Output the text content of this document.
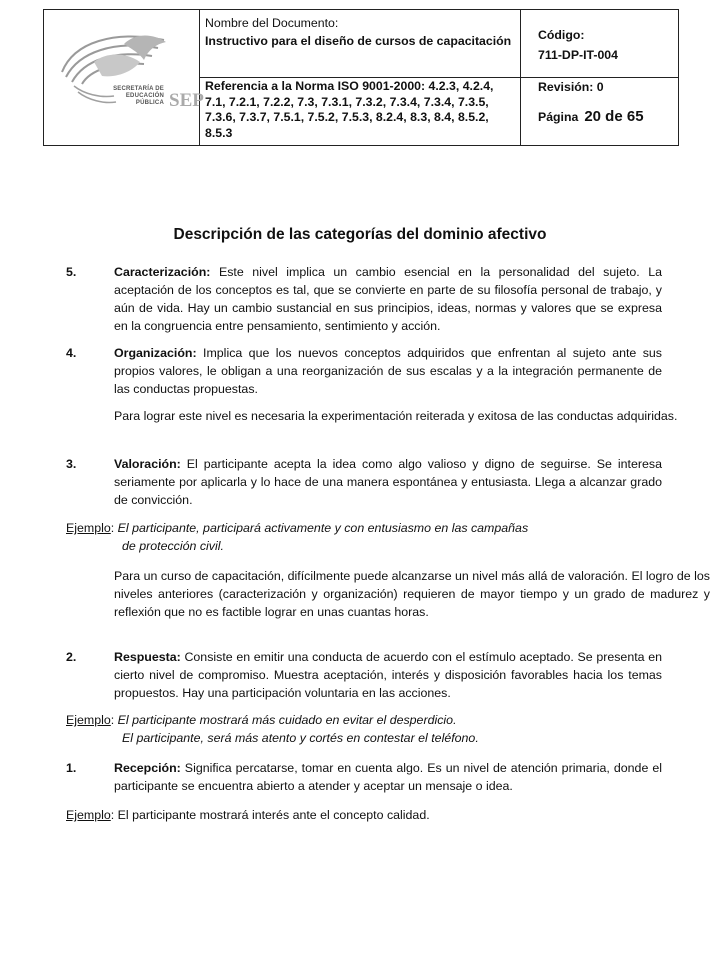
SECRETARÍA DE
EDUCACIÓN
PÚBLICA SEP
Nombre del Documento:
Instructivo para el diseño de cursos de capacitación
Referencia a la Norma ISO 9001-2000: 4.2.3, 4.2.4, 7.1, 7.2.1, 7.2.2, 7.3, 7.3.1, 7.3.2, 7.3.4, 7.3.4, 7.3.5, 7.3.6, 7.3.7, 7.5.1, 7.5.2, 7.5.3, 8.2.4, 8.3, 8.4, 8.5.2, 8.5.3
Código:
711-DP-IT-004
Revisión: 0
Página 20 de 65
Descripción de las categorías del dominio afectivo
5.	Caracterización: Este nivel implica un cambio esencial en la personalidad del sujeto. La aceptación de los conceptos es tal, que se convierte en parte de su filosofía personal de trabajo, y aún de vida. Hay un cambio sustancial en sus principios, ideas, normas y valores que se expresa en la congruencia entre pensamiento, sentimiento y acción.
4.	Organización: Implica que los nuevos conceptos adquiridos que enfrentan al sujeto ante sus propios valores, le obligan a una reorganización de sus escalas y a la integración permanente de las conductas propuestas.
Para lograr este nivel es necesaria la experimentación reiterada y exitosa de las conductas adquiridas.
3.	Valoración: El participante acepta la idea como algo valioso y digno de seguirse. Se interesa seriamente por aplicarla y lo hace de una manera espontánea y entusiasta. Llega a alcanzar grado de convicción.
Ejemplo: El participante, participará activamente y con entusiasmo en las campañas
de protección civil.
Para un curso de capacitación, difícilmente puede alcanzarse un nivel más allá de valoración. El logro de los niveles anteriores (caracterización y organización) requieren de mayor tiempo y un grado de madurez y reflexión que no es factible lograr en unas cuantas horas.
2.	Respuesta: Consiste en emitir una conducta de acuerdo con el estímulo aceptado. Se presenta en cierto nivel de compromiso. Muestra aceptación, interés y disposición favorables hacia los temas propuestos. Hay una participación voluntaria en las acciones.
Ejemplo: El participante mostrará más cuidado en evitar el desperdicio.
El participante, será más atento y cortés en contestar el teléfono.
1.	Recepción: Significa percatarse, tomar en cuenta algo. Es un nivel de atención primaria, donde el participante se encuentra abierto a atender y aceptar un mensaje o idea.
Ejemplo: El participante mostrará interés ante el concepto calidad.
